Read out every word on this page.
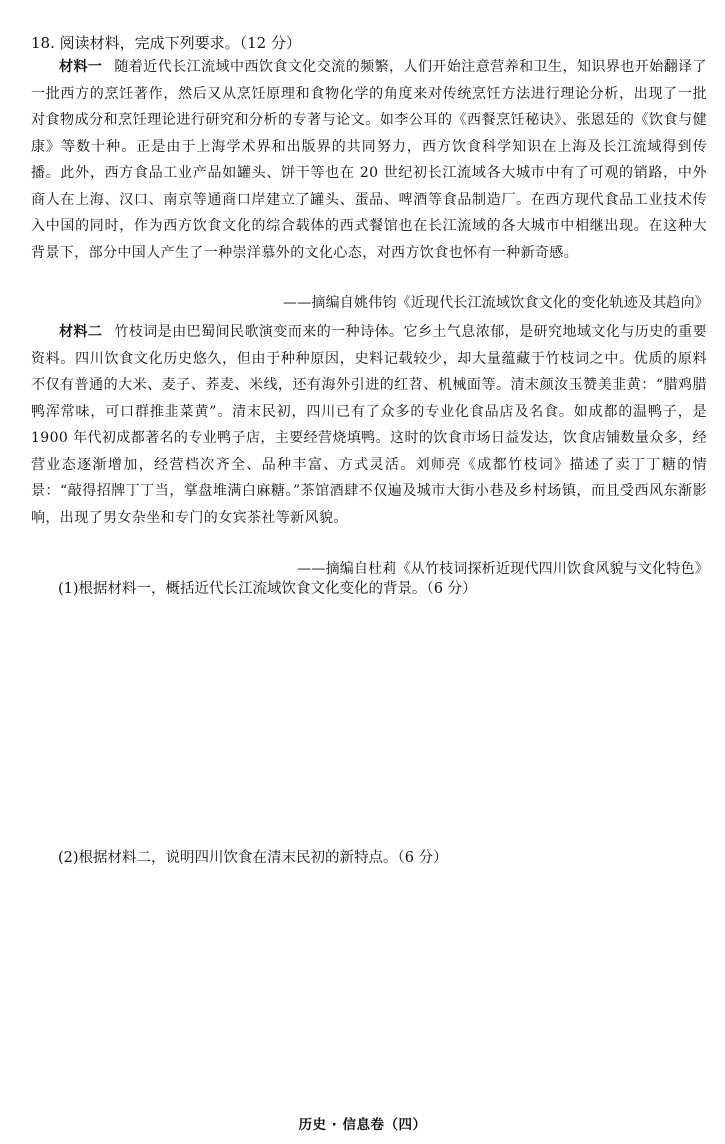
18. 阅读材料，完成下列要求。（12 分）
材料一 随着近代长江流域中西饮食文化交流的频繁，人们开始注意营养和卫生，知识界也开始翻译了一批西方的烹饪著作，然后又从烹饪原理和食物化学的角度来对传统烹饪方法进行理论分析，出现了一批对食物成分和烹饪理论进行研究和分析的专著与论文。如李公耳的《西餐烹饪秘诀》、张恩廷的《饮食与健康》等数十种。正是由于上海学术界和出版界的共同努力，西方饮食科学知识在上海及长江流域得到传播。此外，西方食品工业产品如罐头、饼干等也在 20 世纪初长江流域各大城市中有了可观的销路，中外商人在上海、汉口、南京等通商口岸建立了罐头、蛋品、啤酒等食品制造厂。在西方现代食品工业技术传入中国的同时，作为西方饮食文化的综合载体的西式餐馆也在长江流域的各大城市中相继出现。在这种大背景下，部分中国人产生了一种崇洋慕外的文化心态，对西方饮食也怀有一种新奇感。
——摘编自姚伟钧《近现代长江流域饮食文化的变化轨迹及其趋向》
材料二 竹枝词是由巴蜀间民歌演变而来的一种诗体。它乡土气息浓郁，是研究地域文化与历史的重要资料。四川饮食文化历史悠久，但由于种种原因，史料记载较少，却大量蕴藏于竹枝词之中。优质的原料不仅有普通的大米、麦子、荞麦、米线，还有海外引进的红苕、机械面等。清末颜汝玉赞美韭黄：“腊鸡腊鸭浑常味，可口群推韭菜黄”。清末民初，四川已有了众多的专业化食品店及名食。如成都的温鸭子，是 1900 年代初成都著名的专业鸭子店，主要经营烧填鸭。这时的饮食市场日益发达，饮食店铺数量众多，经营业态逐渐增加，经营档次齐全、品种丰富、方式灵活。刘师亮《成都竹枝词》描述了卖丁丁糖的情景：“敲得招牌丁丁当，掌盘堆满白麻糖。”茶馆酒肆不仅遍及城市大街小巷及乡村场镇，而且受西风东渐影响，出现了男女杂坐和专门的女宾茶社等新风貌。
——摘编自杜莉《从竹枝词探析近现代四川饮食风貌与文化特色》
(1)根据材料一，概括近代长江流域饮食文化变化的背景。（6 分）
(2)根据材料二，说明四川饮食在清末民初的新特点。（6 分）
历史 · 信息卷（四）
